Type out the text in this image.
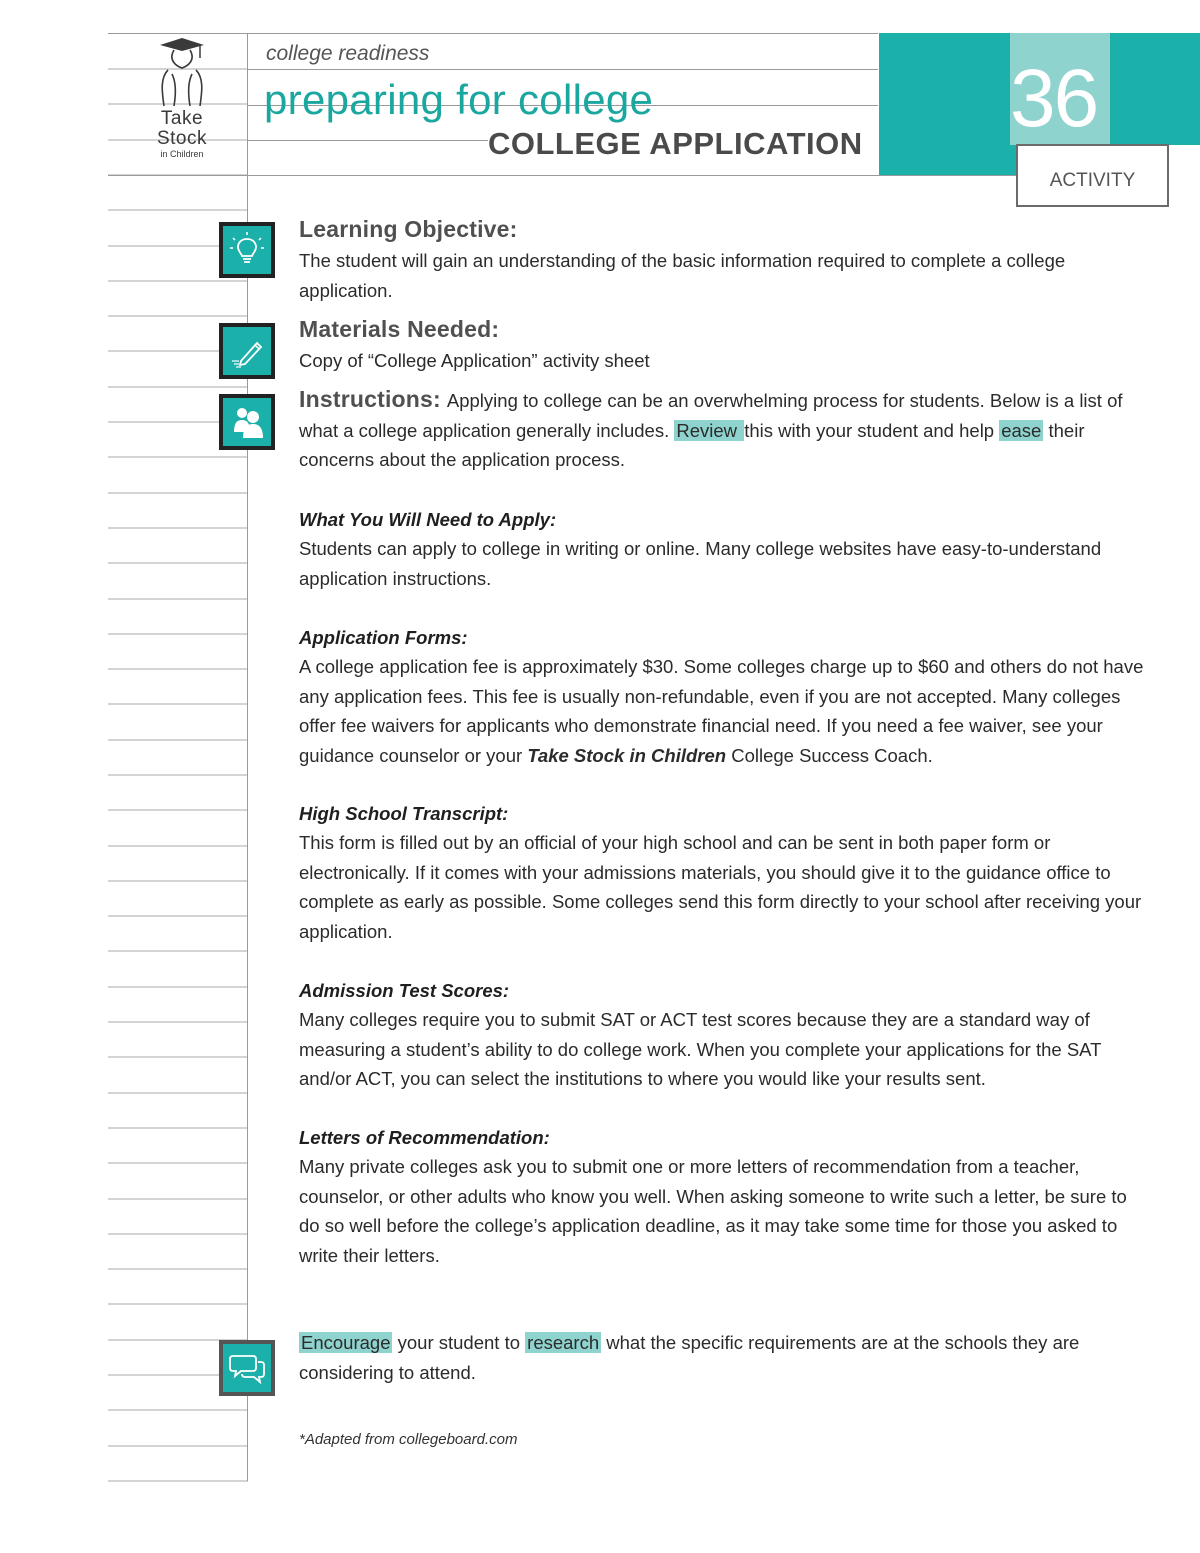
Take
Stock
in Children
college readiness
preparing for college
COLLEGE APPLICATION 36
ACTIVITY
Learning Objective:
The student will gain an understanding of the basic information required to complete a college application.
Materials Needed:
Copy of “College Application” activity sheet
Instructions: Applying to college can be an overwhelming process for students. Below is a list of what a college application generally includes. Review this with your student and help ease their concerns about the application process.
What You Will Need to Apply:
Students can apply to college in writing or online. Many college websites have easy-to-understand application instructions.
Application Forms:
A college application fee is approximately $30. Some colleges charge up to $60 and others do not have any application fees. This fee is usually non-refundable, even if you are not accepted. Many colleges offer fee waivers for applicants who demonstrate financial need. If you need a fee waiver, see your guidance counselor or your Take Stock in Children College Success Coach.
High School Transcript:
This form is filled out by an official of your high school and can be sent in both paper form or electronically. If it comes with your admissions materials, you should give it to the guidance office to complete as early as possible. Some colleges send this form directly to your school after receiving your application.
Admission Test Scores:
Many colleges require you to submit SAT or ACT test scores because they are a standard way of measuring a student’s ability to do college work. When you complete your applications for the SAT and/or ACT, you can select the institutions to where you would like your results sent.
Letters of Recommendation:
Many private colleges ask you to submit one or more letters of recommendation from a teacher, counselor, or other adults who know you well. When asking someone to write such a letter, be sure to do so well before the college’s application deadline, as it may take some time for those you asked to write their letters.
Encourage your student to research what the specific requirements are at the schools they are considering to attend.
*Adapted from collegeboard.com
